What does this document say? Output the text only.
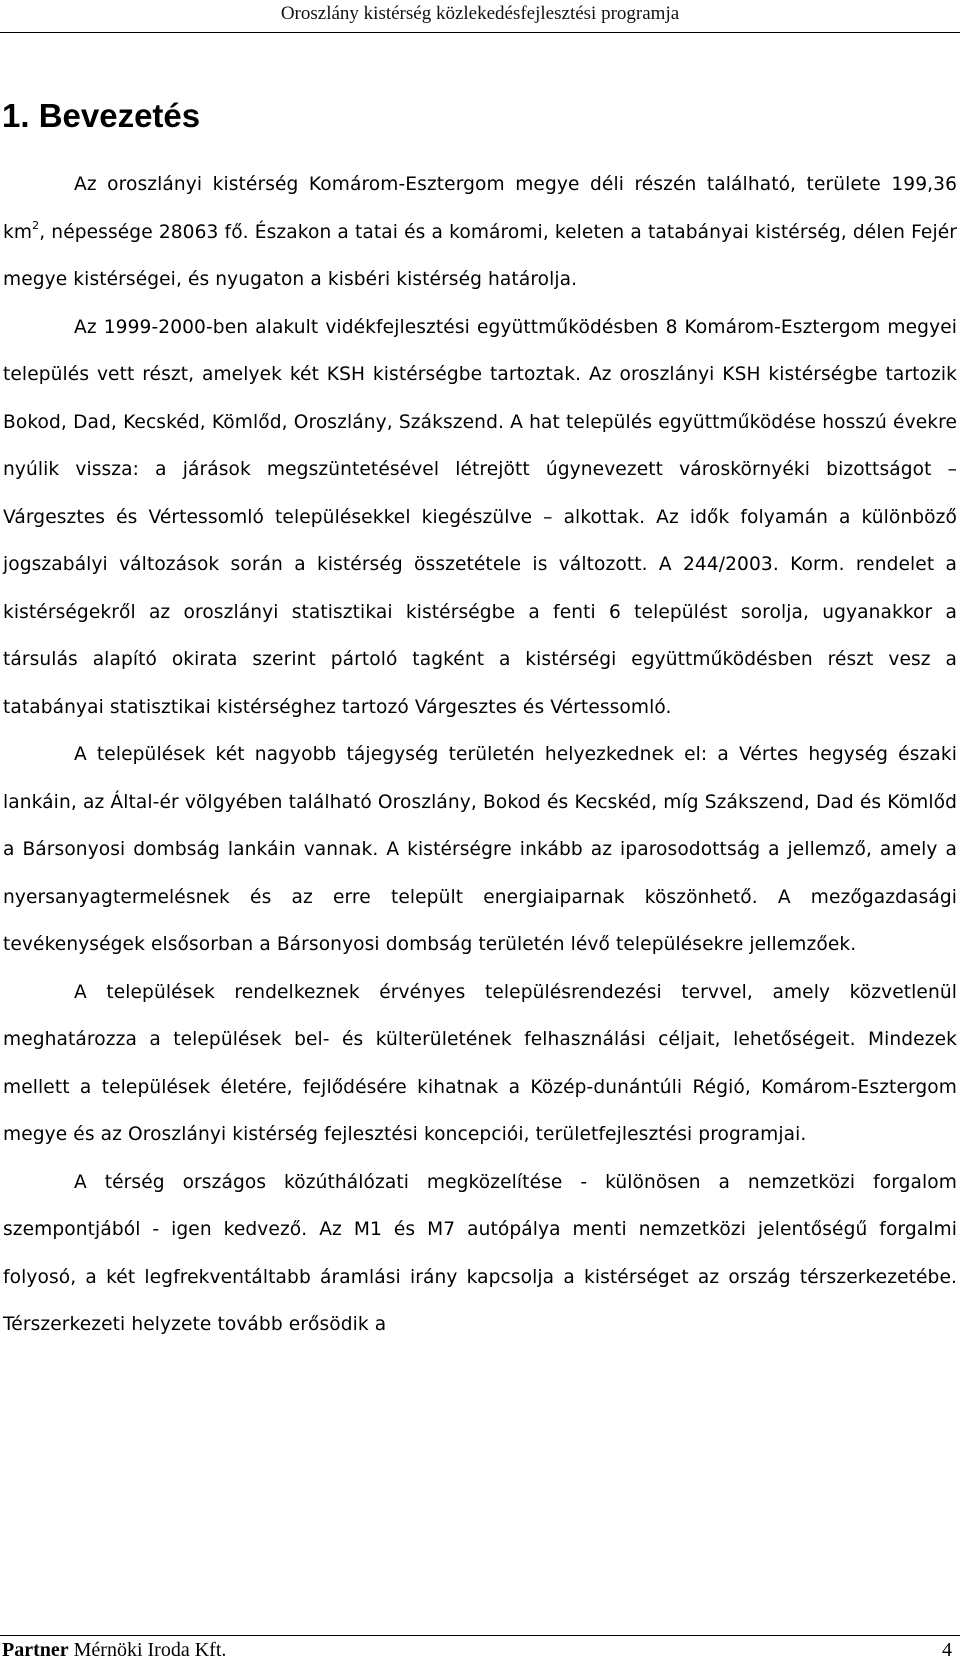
Oroszlány kistérség közlekedésfejlesztési programja
1. Bevezetés

Az oroszlányi kistérség Komárom-Esztergom megye déli részén található, területe 199,36 $km^2$, népessége 28063 fő. Északon a tatai és a komáromi, keleten a tatabányai kistérség, délen Fejér megye kistérségei, és nyugaton a kisbéri kistérség határolja.

Az 1999-2000-ben alakult vidékfejlesztési együttműködésben 8 Komárom-Esztergom megyei település vett részt, amelyek két KSH kistérségbe tartoztak. Az oroszlányi KSH kistérségbe tartozik Bokod, Dad, Kecskéd, Kömlőd, Oroszlány, Szákszend. A hat település együttműködése hosszú évekre nyúlik vissza: a járások megszüntetésével létrejött úgynevezett városkörnyéki bizottságot – Várgesztes és Vértessomló településekkel kiegészülve – alkottak. Az idők folyamán a különböző jogszabályi változások során a kistérség összetétele is változott. A 244/2003. Korm. rendelet a kistérségekről az oroszlányi statisztikai kistérségbe a fenti 6 települést sorolja, ugyanakkor a társulás alapító okirata szerint pártoló tagként a kistérségi együttműködésben részt vesz a tatabányai statisztikai kistérséghez tartozó Várgesztes és Vértessomló.

A települések két nagyobb tájegység területén helyezkednek el: a Vértes hegység északi lankáin, az Által-ér völgyében található Oroszlány, Bokod és Kecskéd, míg Szákszend, Dad és Kömlőd a Bársonyosi dombság lankáin vannak. A kistérségre inkább az iparosodottság a jellemző, amely a nyersanyagtermelésnek és az erre települt energiaiparnak köszönhető. A mezőgazdasági tevékenységek elsősorban a Bársonyosi dombság területén lévő településekre jellemzőek.

A települések rendelkeznek érvényes településrendezési tervvel, amely közvetlenül meghatározza a települések bel- és külterületének felhasználási céljait, lehetőségeit. Mindezek mellett a települések életére, fejlődésére kihatnak a Közép-dunántúli Régió, Komárom-Esztergom megye és az Oroszlányi kistérség fejlesztési koncepciói, területfejlesztési programjai.

A térség országos közúthálózati megközelítése - különösen a nemzetközi forgalom szempontjából - igen kedvező. Az M1 és M7 autópálya menti nemzetközi jelentőségű forgalmi folyosó, a két legfrekventáltabb áramlási irány kapcsolja a kistérséget az ország térszerkezetébe. Térszerkezeti helyzete tovább erősödik a

Partner Mérnöki Iroda Kft.	4
